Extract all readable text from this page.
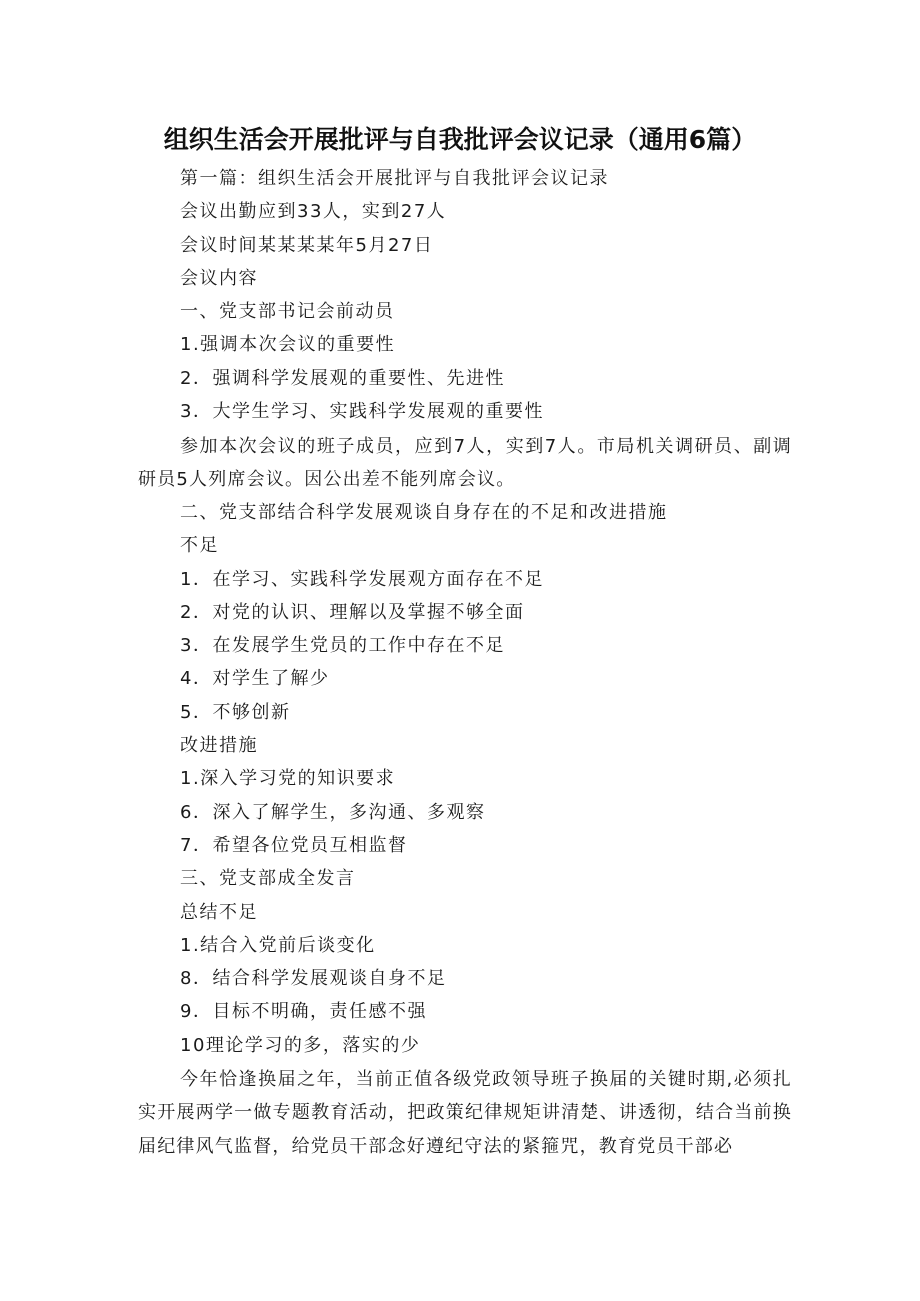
组织生活会开展批评与自我批评会议记录（通用6篇）
第一篇：组织生活会开展批评与自我批评会议记录
会议出勤应到33人，实到27人
会议时间某某某某年5月27日
会议内容
一、党支部书记会前动员
1.强调本次会议的重要性
2．强调科学发展观的重要性、先进性
3．大学生学习、实践科学发展观的重要性
参加本次会议的班子成员，应到7人，实到7人。市局机关调研员、副调研员5人列席会议。因公出差不能列席会议。
二、党支部结合科学发展观谈自身存在的不足和改进措施
不足
1．在学习、实践科学发展观方面存在不足
2．对党的认识、理解以及掌握不够全面
3．在发展学生党员的工作中存在不足
4．对学生了解少
5．不够创新
改进措施
1.深入学习党的知识要求
6．深入了解学生，多沟通、多观察
7．希望各位党员互相监督
三、党支部成全发言
总结不足
1.结合入党前后谈变化
8．结合科学发展观谈自身不足
9．目标不明确，责任感不强
10理论学习的多，落实的少
今年恰逢换届之年，当前正值各级党政领导班子换届的关键时期,必须扎实开展两学一做专题教育活动，把政策纪律规矩讲清楚、讲透彻，结合当前换届纪律风气监督，给党员干部念好遵纪守法的紧箍咒，教育党员干部必
